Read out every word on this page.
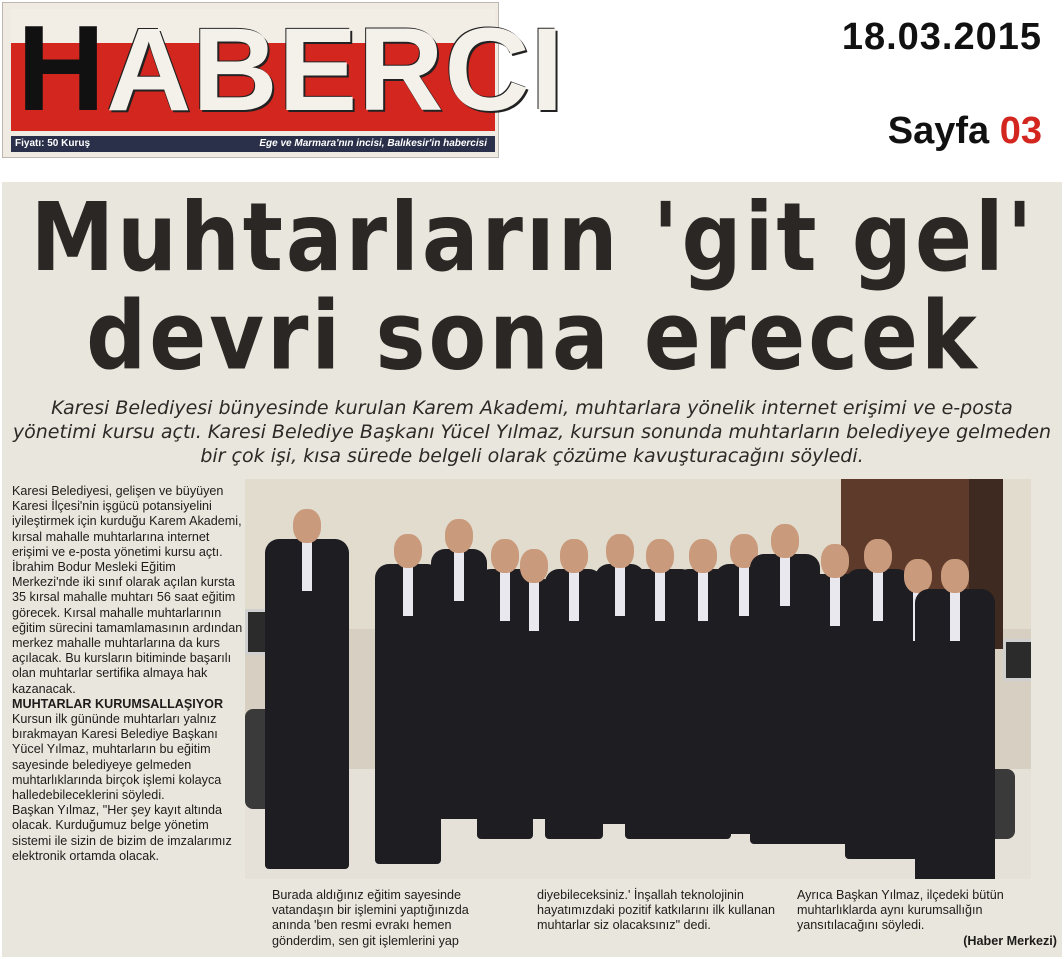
HABERCI
Fiyatı: 50 Kuruş	Ege ve Marmara'nın incisi, Balıkesir'in habercisi
18.03.2015
Sayfa 03
Muhtarların 'git gel'
devri sona erecek
Karesi Belediyesi bünyesinde kurulan Karem Akademi, muhtarlara yönelik internet erişimi ve e-posta yönetimi kursu açtı. Karesi Belediye Başkanı Yücel Yılmaz, kursun sonunda muhtarların belediyeye gelmeden bir çok işi, kısa sürede belgeli olarak çözüme kavuşturacağını söyledi.

Karesi Belediyesi, gelişen ve büyüyen Karesi İlçesi'nin işgücü potansiyelini iyileştirmek için kurduğu Karem Akademi, kırsal mahalle muhtarlarına internet erişimi ve e-posta yönetimi kursu açtı. İbrahim Bodur Mesleki Eğitim Merkezi'nde iki sınıf olarak açılan kursta 35 kırsal mahalle muhtarı 56 saat eğitim görecek. Kırsal mahalle muhtarlarının eğitim sürecini tamamlamasının ardından merkez mahalle muhtarlarına da kurs açılacak. Bu kursların bitiminde başarılı olan muhtarlar sertifika almaya hak kazanacak.

MUHTARLAR KURUMSALLAŞIYOR

Kursun ilk gününde muhtarları yalnız bırakmayan Karesi Belediye Başkanı Yücel Yılmaz, muhtarların bu eğitim sayesinde belediyeye gelmeden muhtarlıklarında birçok işlemi kolayca halledebileceklerini söyledi.

Başkan Yılmaz, "Her şey kayıt altında olacak. Kurduğumuz belge yönetim sistemi ile sizin de bizim de imzalarımız elektronik ortamda olacak.

Burada aldığınız eğitim sayesinde vatandaşın bir işlemini yaptığınızda anında 'ben resmi evrakı hemen gönderdim, sen git işlemlerini yap
diyebileceksiniz.' İnşallah teknolojinin hayatımızdaki pozitif katkılarını ilk kullanan muhtarlar siz olacaksınız" dedi.

Ayrıca Başkan Yılmaz, ilçedeki bütün muhtarlıklarda aynı kurumsallığın yansıtılacağını söyledi.

(Haber Merkezi)
